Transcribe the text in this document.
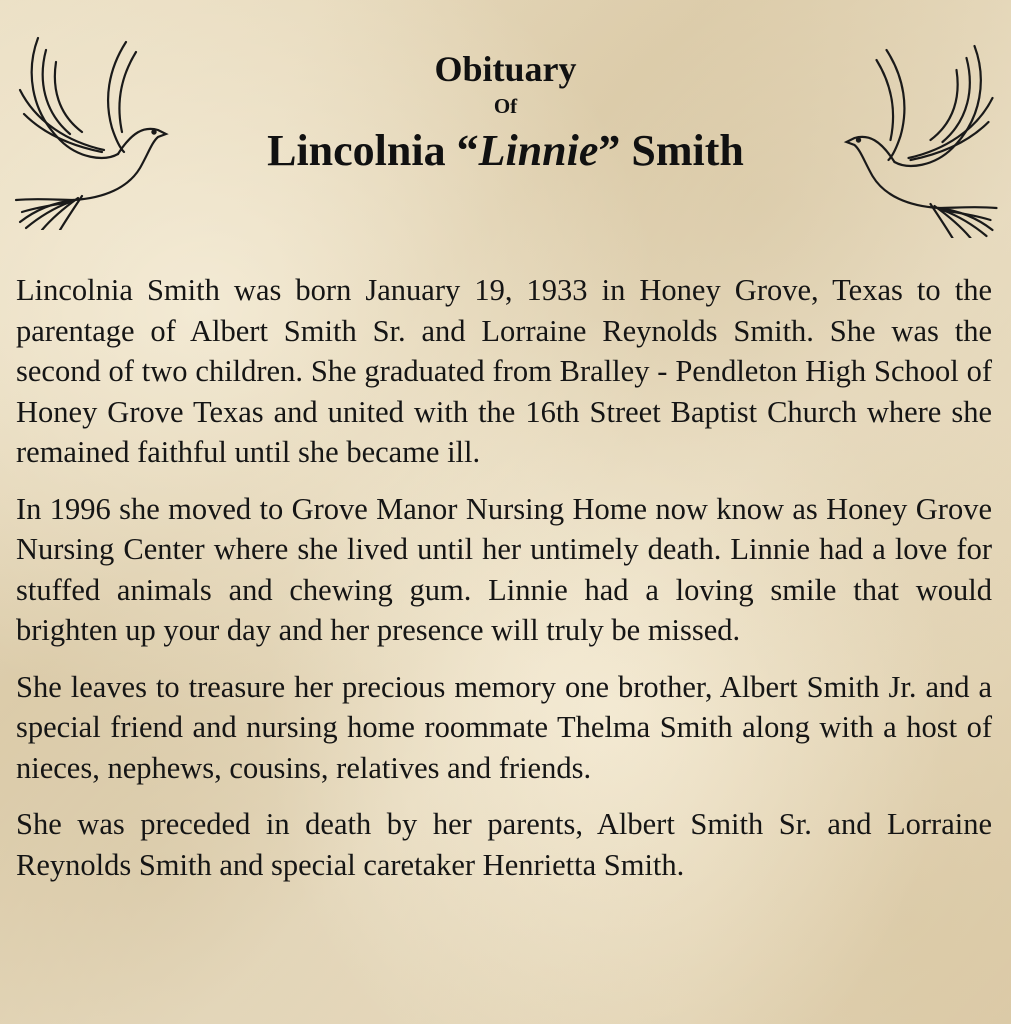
Obituary
Of
Lincolnia “Linnie” Smith

Lincolnia Smith was born January 19, 1933 in Honey Grove, Texas to the parentage of Albert Smith Sr. and Lorraine Reynolds Smith. She was the second of two children. She graduated from Bralley - Pendleton High School of Honey Grove Texas and united with the 16th Street Baptist Church where she remained faithful until she became ill.

In 1996 she moved to Grove Manor Nursing Home now know as Honey Grove Nursing Center where she lived until her untimely death. Linnie had a love for stuffed animals and chewing gum. Linnie had a loving smile that would brighten up your day and her presence will truly be missed.

She leaves to treasure her precious memory one brother, Albert Smith Jr. and a special friend and nursing home roommate Thelma Smith along with a host of nieces, nephews, cousins, relatives and friends.

She was preceded in death by her parents, Albert Smith Sr. and Lorraine Reynolds Smith and special caretaker Henrietta Smith.
